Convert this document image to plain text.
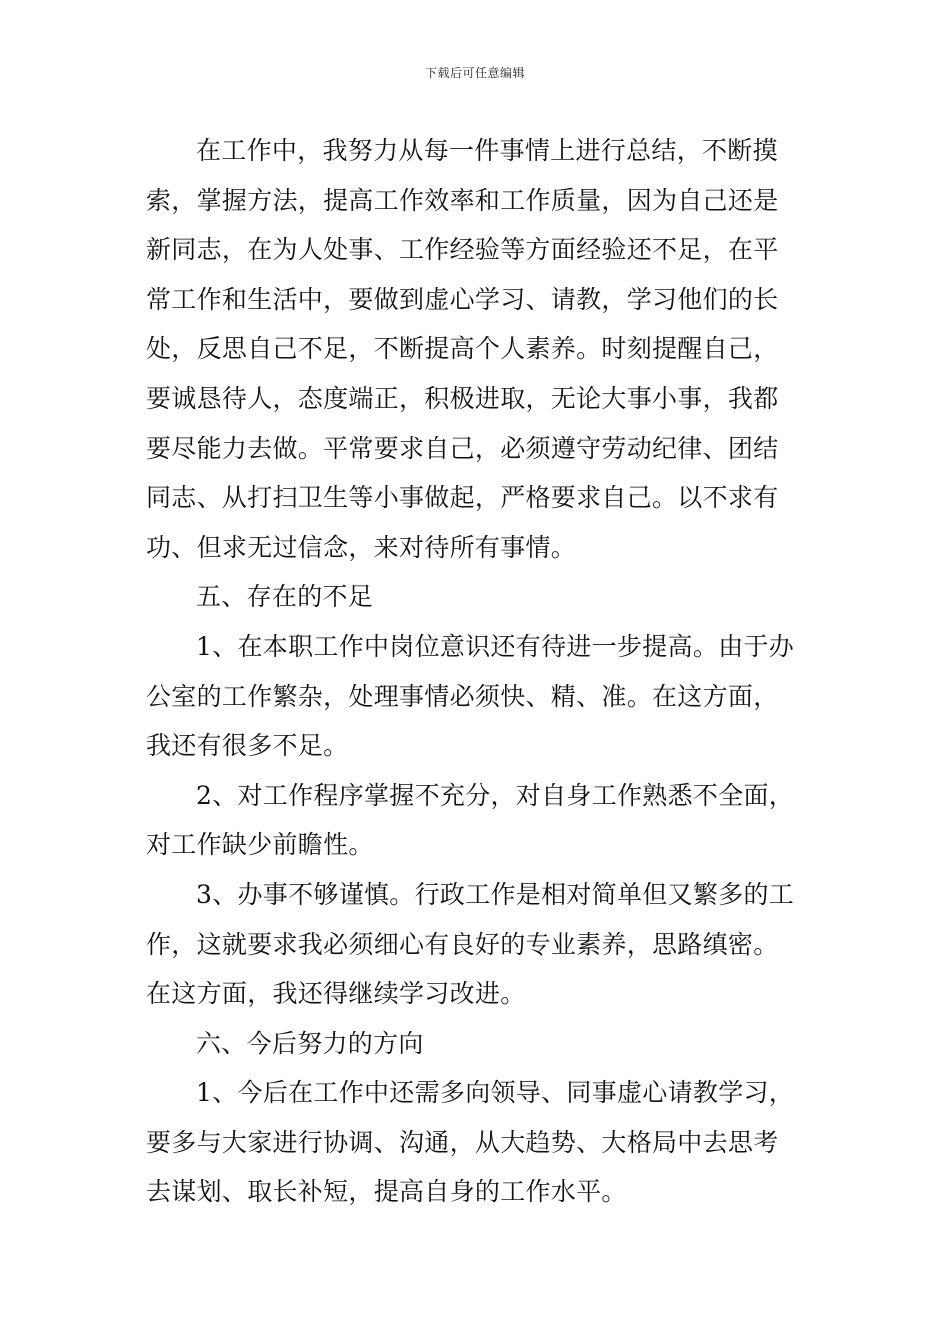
下载后可任意编辑
在工作中，我努力从每一件事情上进行总结，不断摸
索，掌握方法，提高工作效率和工作质量，因为自己还是
新同志，在为人处事、工作经验等方面经验还不足，在平
常工作和生活中，要做到虚心学习、请教，学习他们的长
处，反思自己不足，不断提高个人素养。时刻提醒自己，
要诚恳待人，态度端正，积极进取，无论大事小事，我都
要尽能力去做。平常要求自己，必须遵守劳动纪律、团结
同志、从打扫卫生等小事做起，严格要求自己。以不求有
功、但求无过信念，来对待所有事情。
五、存在的不足
1、在本职工作中岗位意识还有待进一步提高。由于办
公室的工作繁杂，处理事情必须快、精、准。在这方面，
我还有很多不足。
2、对工作程序掌握不充分，对自身工作熟悉不全面，
对工作缺少前瞻性。
3、办事不够谨慎。行政工作是相对简单但又繁多的工
作，这就要求我必须细心有良好的专业素养，思路缜密。
在这方面，我还得继续学习改进。
六、今后努力的方向
1、今后在工作中还需多向领导、同事虚心请教学习，
要多与大家进行协调、沟通，从大趋势、大格局中去思考
去谋划、取长补短，提高自身的工作水平。
